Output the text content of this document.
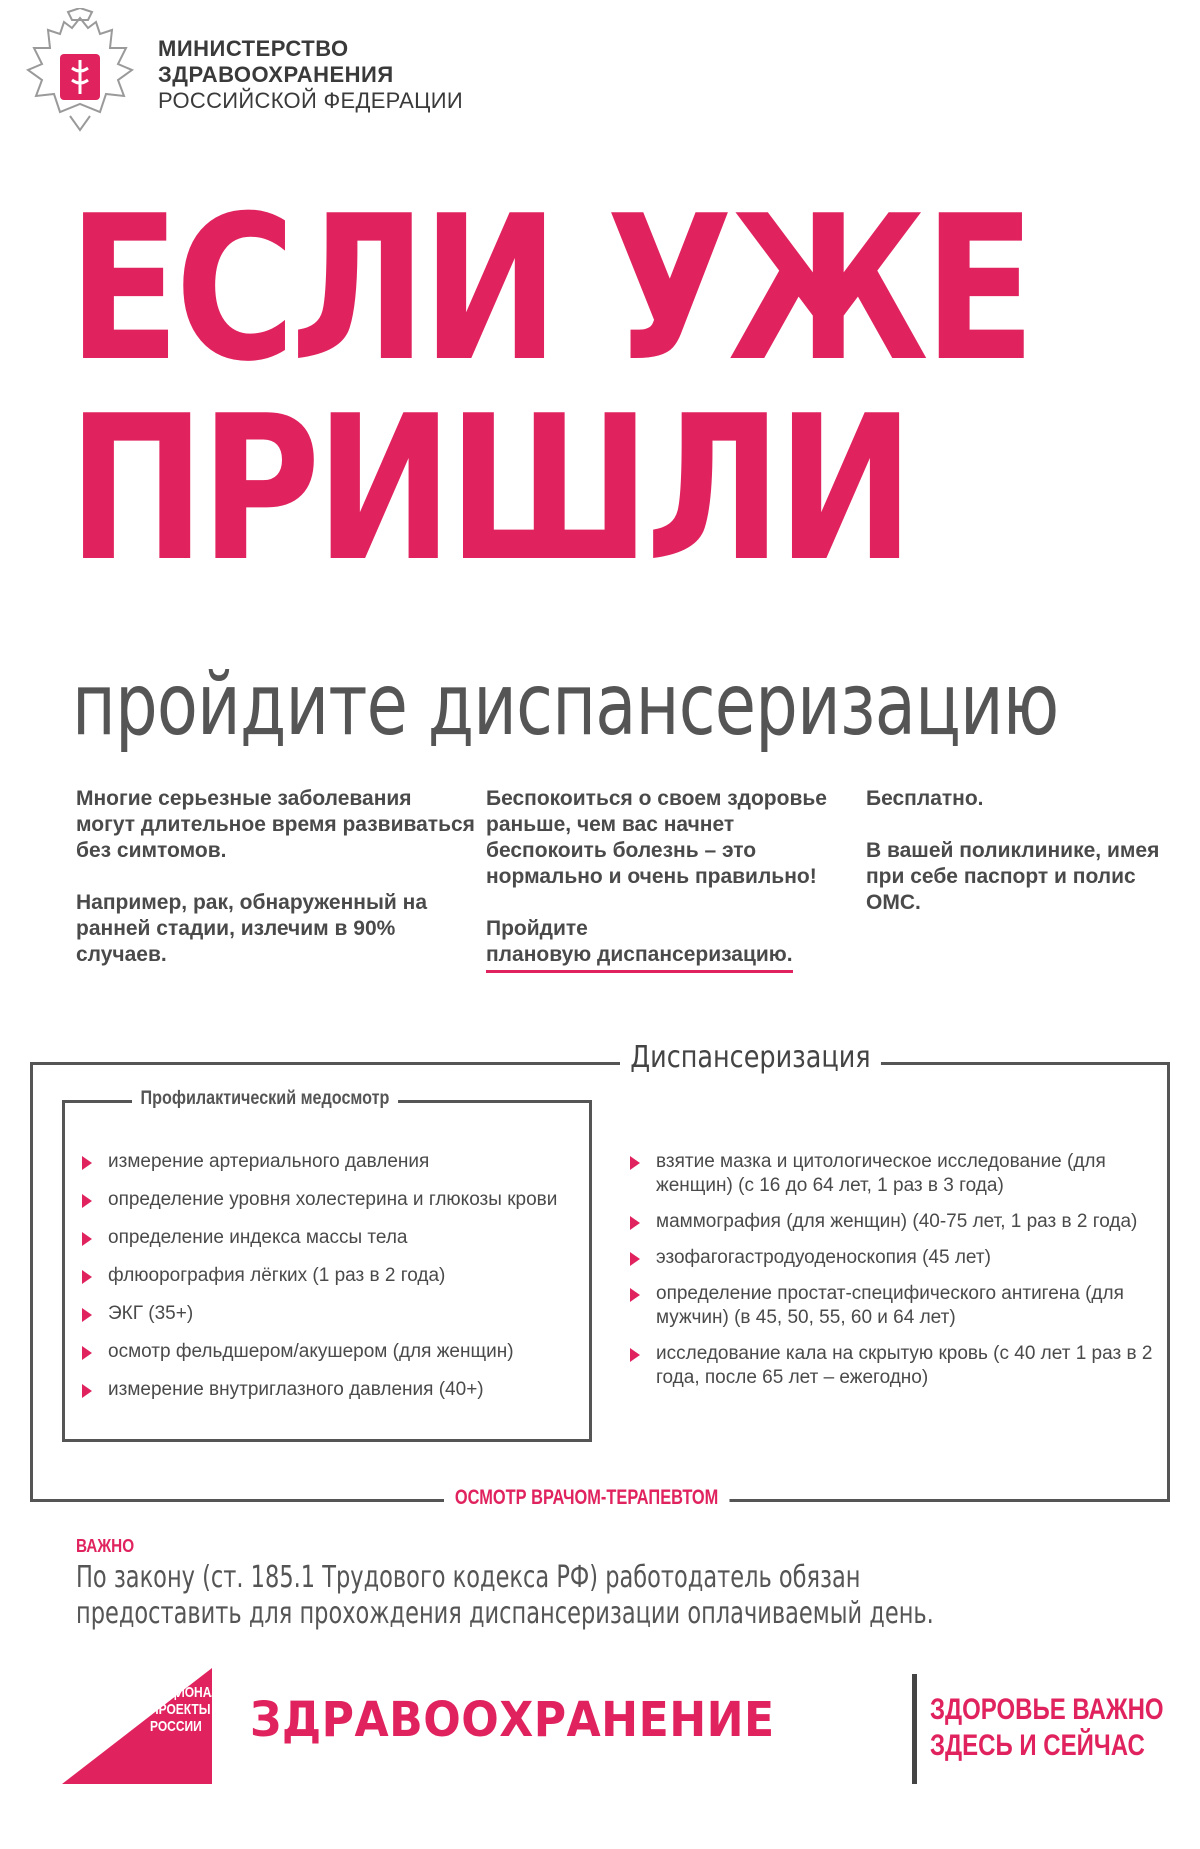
МИНИСТЕРСТВО
ЗДРАВООХРАНЕНИЯ
РОССИЙСКОЙ ФЕДЕРАЦИИ
ЕСЛИ УЖЕ
ПРИШЛИ
пройдите диспансеризацию

Многие серьезные заболевания могут длительное время развиваться без симтомов.

Например, рак, обнаруженный на ранней стадии, излечим в 90% случаев.

Беспокоиться о своем здоровье раньше, чем вас начнет беспокоить болезнь – это нормально и очень правильно!

Пройдите
плановую диспансеризацию.

Бесплатно.

В вашей поликлинике, имея при себе паспорт и полис ОМС.

Диспансеризация
Профилактический медосмотр
измерение артериального давления
определение уровня холестерина и глюкозы крови
определение индекса массы тела
флюорография лёгких (1 раз в 2 года)
ЭКГ (35+)
осмотр фельдшером/акушером (для женщин)
измерение внутриглазного давления (40+)
взятие мазка и цитологическое исследование (для женщин) (с 16 до 64 лет, 1 раз в 3 года)
маммография (для женщин) (40-75 лет, 1 раз в 2 года)
эзофагогастродуоденоскопия (45 лет)
определение простат-специфического антигена (для мужчин) (в 45, 50, 55, 60 и 64 лет)
исследование кала на скрытую кровь (с 40 лет 1 раз в 2 года, после 65 лет – ежегодно)
ОСМОТР ВРАЧОМ-ТЕРАПЕВТОМ
ВАЖНО
По закону (ст. 185.1 Трудового кодекса РФ) работодатель обязан
предоставить для прохождения диспансеризации оплачиваемый день.
НАЦИОНАЛЬНЫЕ
ПРОЕКТЫ
РОССИИ	ЗДРАВООХРАНЕНИЕ	ЗДОРОВЬЕ ВАЖНО
ЗДЕСЬ И СЕЙЧАС
